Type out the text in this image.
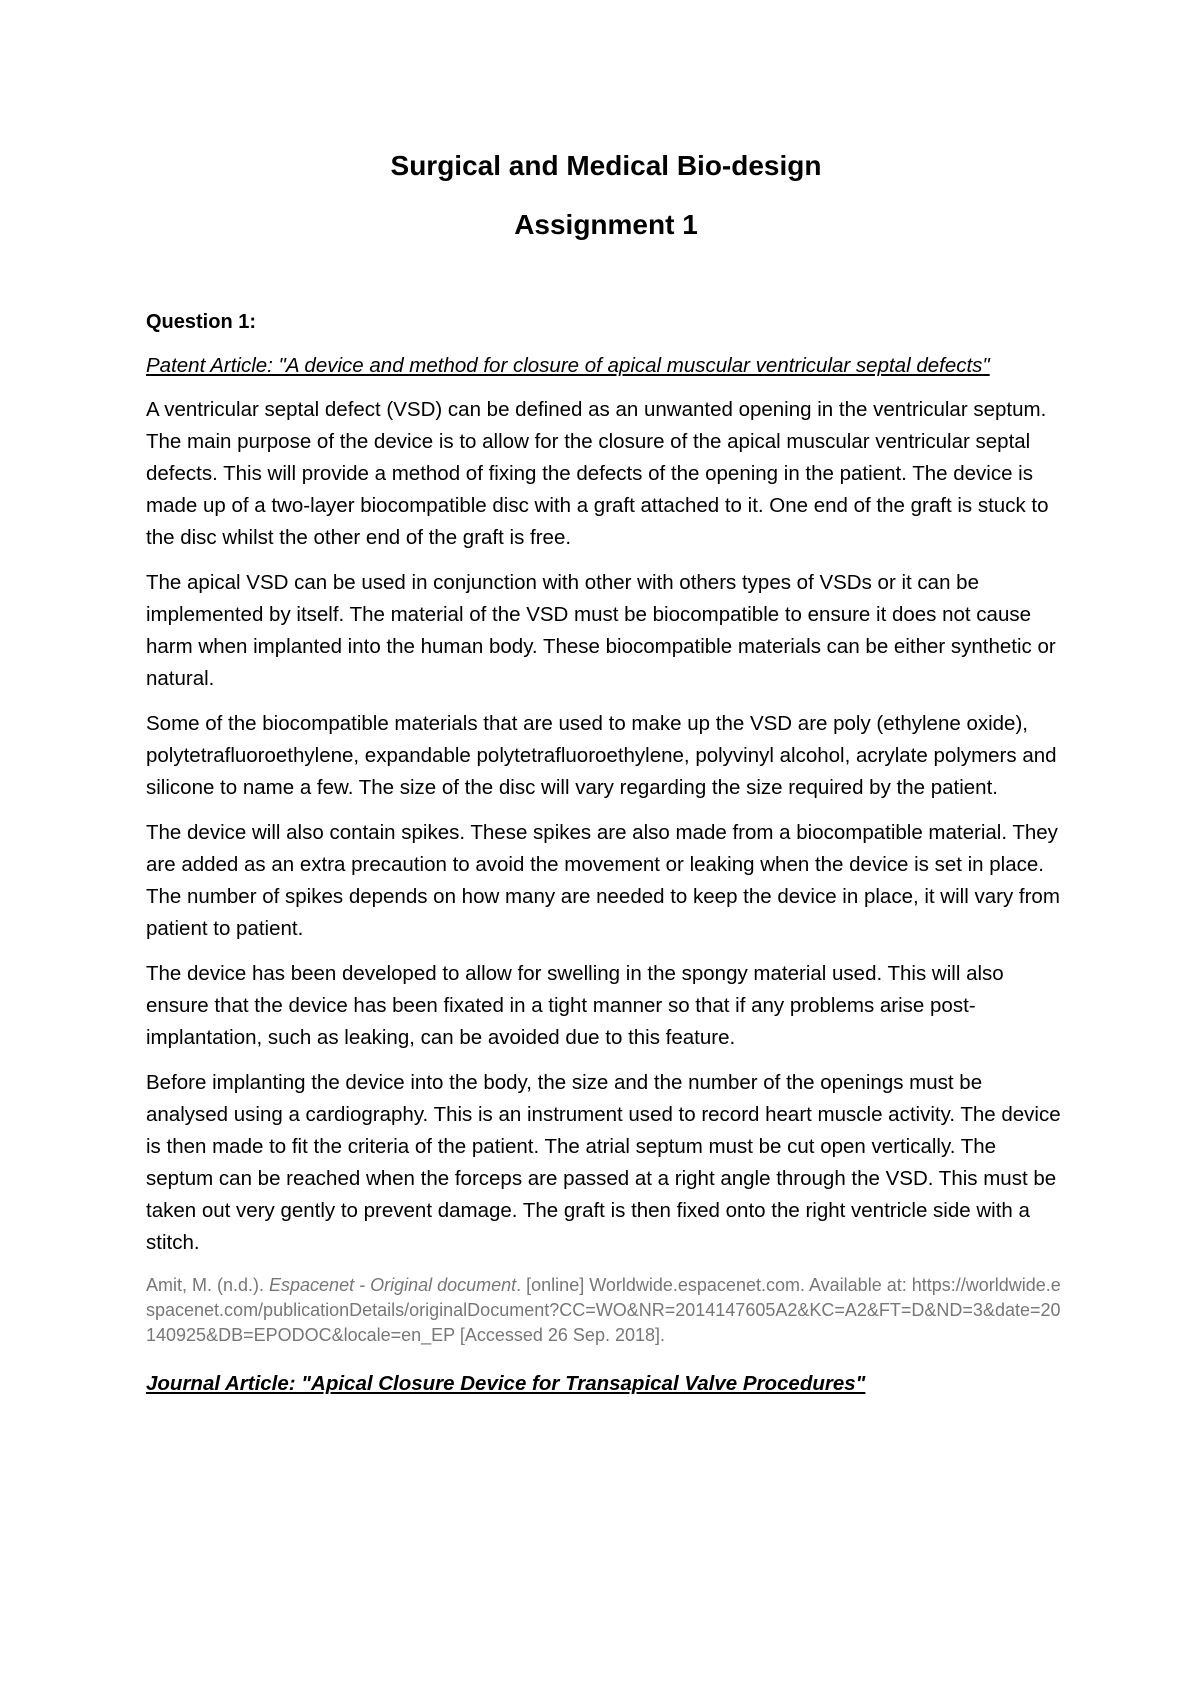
Surgical and Medical Bio-design
Assignment 1
Question 1:
Patent Article: "A device and method for closure of apical muscular ventricular septal defects"

A ventricular septal defect (VSD) can be defined as an unwanted opening in the ventricular septum. The main purpose of the device is to allow for the closure of the apical muscular ventricular septal defects. This will provide a method of fixing the defects of the opening in the patient. The device is made up of a two-layer biocompatible disc with a graft attached to it. One end of the graft is stuck to the disc whilst the other end of the graft is free.

The apical VSD can be used in conjunction with other with others types of VSDs or it can be implemented by itself. The material of the VSD must be biocompatible to ensure it does not cause harm when implanted into the human body. These biocompatible materials can be either synthetic or natural.

Some of the biocompatible materials that are used to make up the VSD are poly (ethylene oxide), polytetrafluoroethylene, expandable polytetrafluoroethylene, polyvinyl alcohol, acrylate polymers and silicone to name a few. The size of the disc will vary regarding the size required by the patient.

The device will also contain spikes. These spikes are also made from a biocompatible material. They are added as an extra precaution to avoid the movement or leaking when the device is set in place. The number of spikes depends on how many are needed to keep the device in place, it will vary from patient to patient.

The device has been developed to allow for swelling in the spongy material used. This will also ensure that the device has been fixated in a tight manner so that if any problems arise post-implantation, such as leaking, can be avoided due to this feature.

Before implanting the device into the body, the size and the number of the openings must be analysed using a cardiography. This is an instrument used to record heart muscle activity. The device is then made to fit the criteria of the patient. The atrial septum must be cut open vertically. The septum can be reached when the forceps are passed at a right angle through the VSD. This must be taken out very gently to prevent damage. The graft is then fixed onto the right ventricle side with a stitch.

Amit, M. (n.d.). Espacenet - Original document. [online] Worldwide.espacenet.com. Available at: https://worldwide.espacenet.com/publicationDetails/originalDocument?CC=WO&NR=2014147605A2&KC=A2&FT=D&ND=3&date=20140925&DB=EPODOC&locale=en_EP [Accessed 26 Sep. 2018].

Journal Article: "Apical Closure Device for Transapical Valve Procedures"
